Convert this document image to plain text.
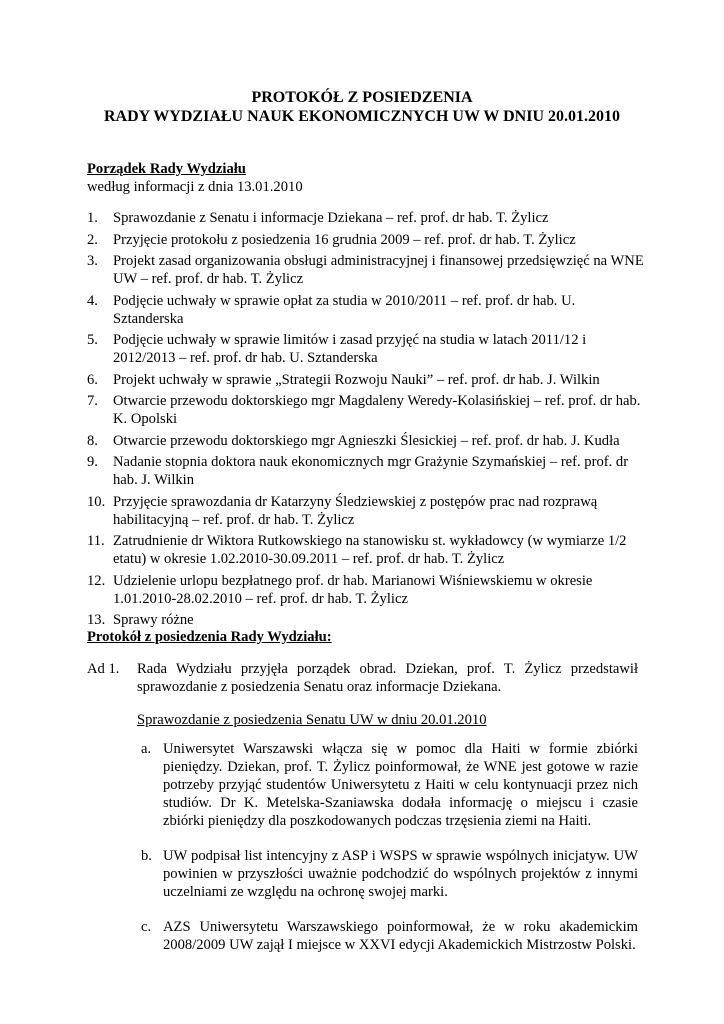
PROTOKÓŁ Z POSIEDZENIA
RADY WYDZIAŁU NAUK EKONOMICZNYCH UW W DNIU 20.01.2010
Porządek Rady Wydziału
według informacji z dnia 13.01.2010
1. Sprawozdanie z Senatu i informacje Dziekana – ref. prof. dr hab. T. Żylicz
2. Przyjęcie protokołu z posiedzenia 16 grudnia 2009 – ref. prof. dr hab. T. Żylicz
3. Projekt zasad organizowania obsługi administracyjnej i finansowej przedsięwzięć na WNE UW – ref. prof. dr hab. T. Żylicz
4. Podjęcie uchwały w sprawie opłat za studia w 2010/2011 – ref. prof. dr hab. U. Sztanderska
5. Podjęcie uchwały w sprawie limitów i zasad przyjęć na studia w latach 2011/12 i 2012/2013 – ref. prof. dr hab. U. Sztanderska
6. Projekt uchwały w sprawie „Strategii Rozwoju Nauki” – ref. prof. dr hab. J. Wilkin
7. Otwarcie przewodu doktorskiego mgr Magdaleny Weredy-Kolasińskiej – ref. prof. dr hab. K. Opolski
8. Otwarcie przewodu doktorskiego mgr Agnieszki Ślesickiej – ref. prof. dr hab. J. Kudła
9. Nadanie stopnia doktora nauk ekonomicznych mgr Grażynie Szymańskiej – ref. prof. dr hab. J. Wilkin
10. Przyjęcie sprawozdania dr Katarzyny Śledziewskiej z postępów prac nad rozprawą habilitacyjną – ref. prof. dr hab. T. Żylicz
11. Zatrudnienie dr Wiktora Rutkowskiego na stanowisku st. wykładowcy (w wymiarze 1/2 etatu) w okresie 1.02.2010-30.09.2011 – ref. prof. dr hab. T. Żylicz
12. Udzielenie urlopu bezpłatnego prof. dr hab. Marianowi Wiśniewskiemu w okresie 1.01.2010-28.02.2010 – ref. prof. dr hab. T. Żylicz
13. Sprawy różne
Protokół z posiedzenia Rady Wydziału:
Ad 1. Rada Wydziału przyjęła porządek obrad. Dziekan, prof. T. Żylicz przedstawił sprawozdanie z posiedzenia Senatu oraz informacje Dziekana.
Sprawozdanie z posiedzenia Senatu UW w dniu 20.01.2010
a. Uniwersytet Warszawski włącza się w pomoc dla Haiti w formie zbiórki pieniędzy. Dziekan, prof. T. Żylicz poinformował, że WNE jest gotowe w razie potrzeby przyjąć studentów Uniwersytetu z Haiti w celu kontynuacji przez nich studiów. Dr K. Metelska-Szaniawska dodała informację o miejscu i czasie zbiórki pieniędzy dla poszkodowanych podczas trzęsienia ziemi na Haiti.
b. UW podpisał list intencyjny z ASP i WSPS w sprawie wspólnych inicjatyw. UW powinien w przyszłości uważnie podchodzić do wspólnych projektów z innymi uczelniami ze względu na ochronę swojej marki.
c. AZS Uniwersytetu Warszawskiego poinformował, że w roku akademickim 2008/2009 UW zajął I miejsce w XXVI edycji Akademickich Mistrzostw Polski.
